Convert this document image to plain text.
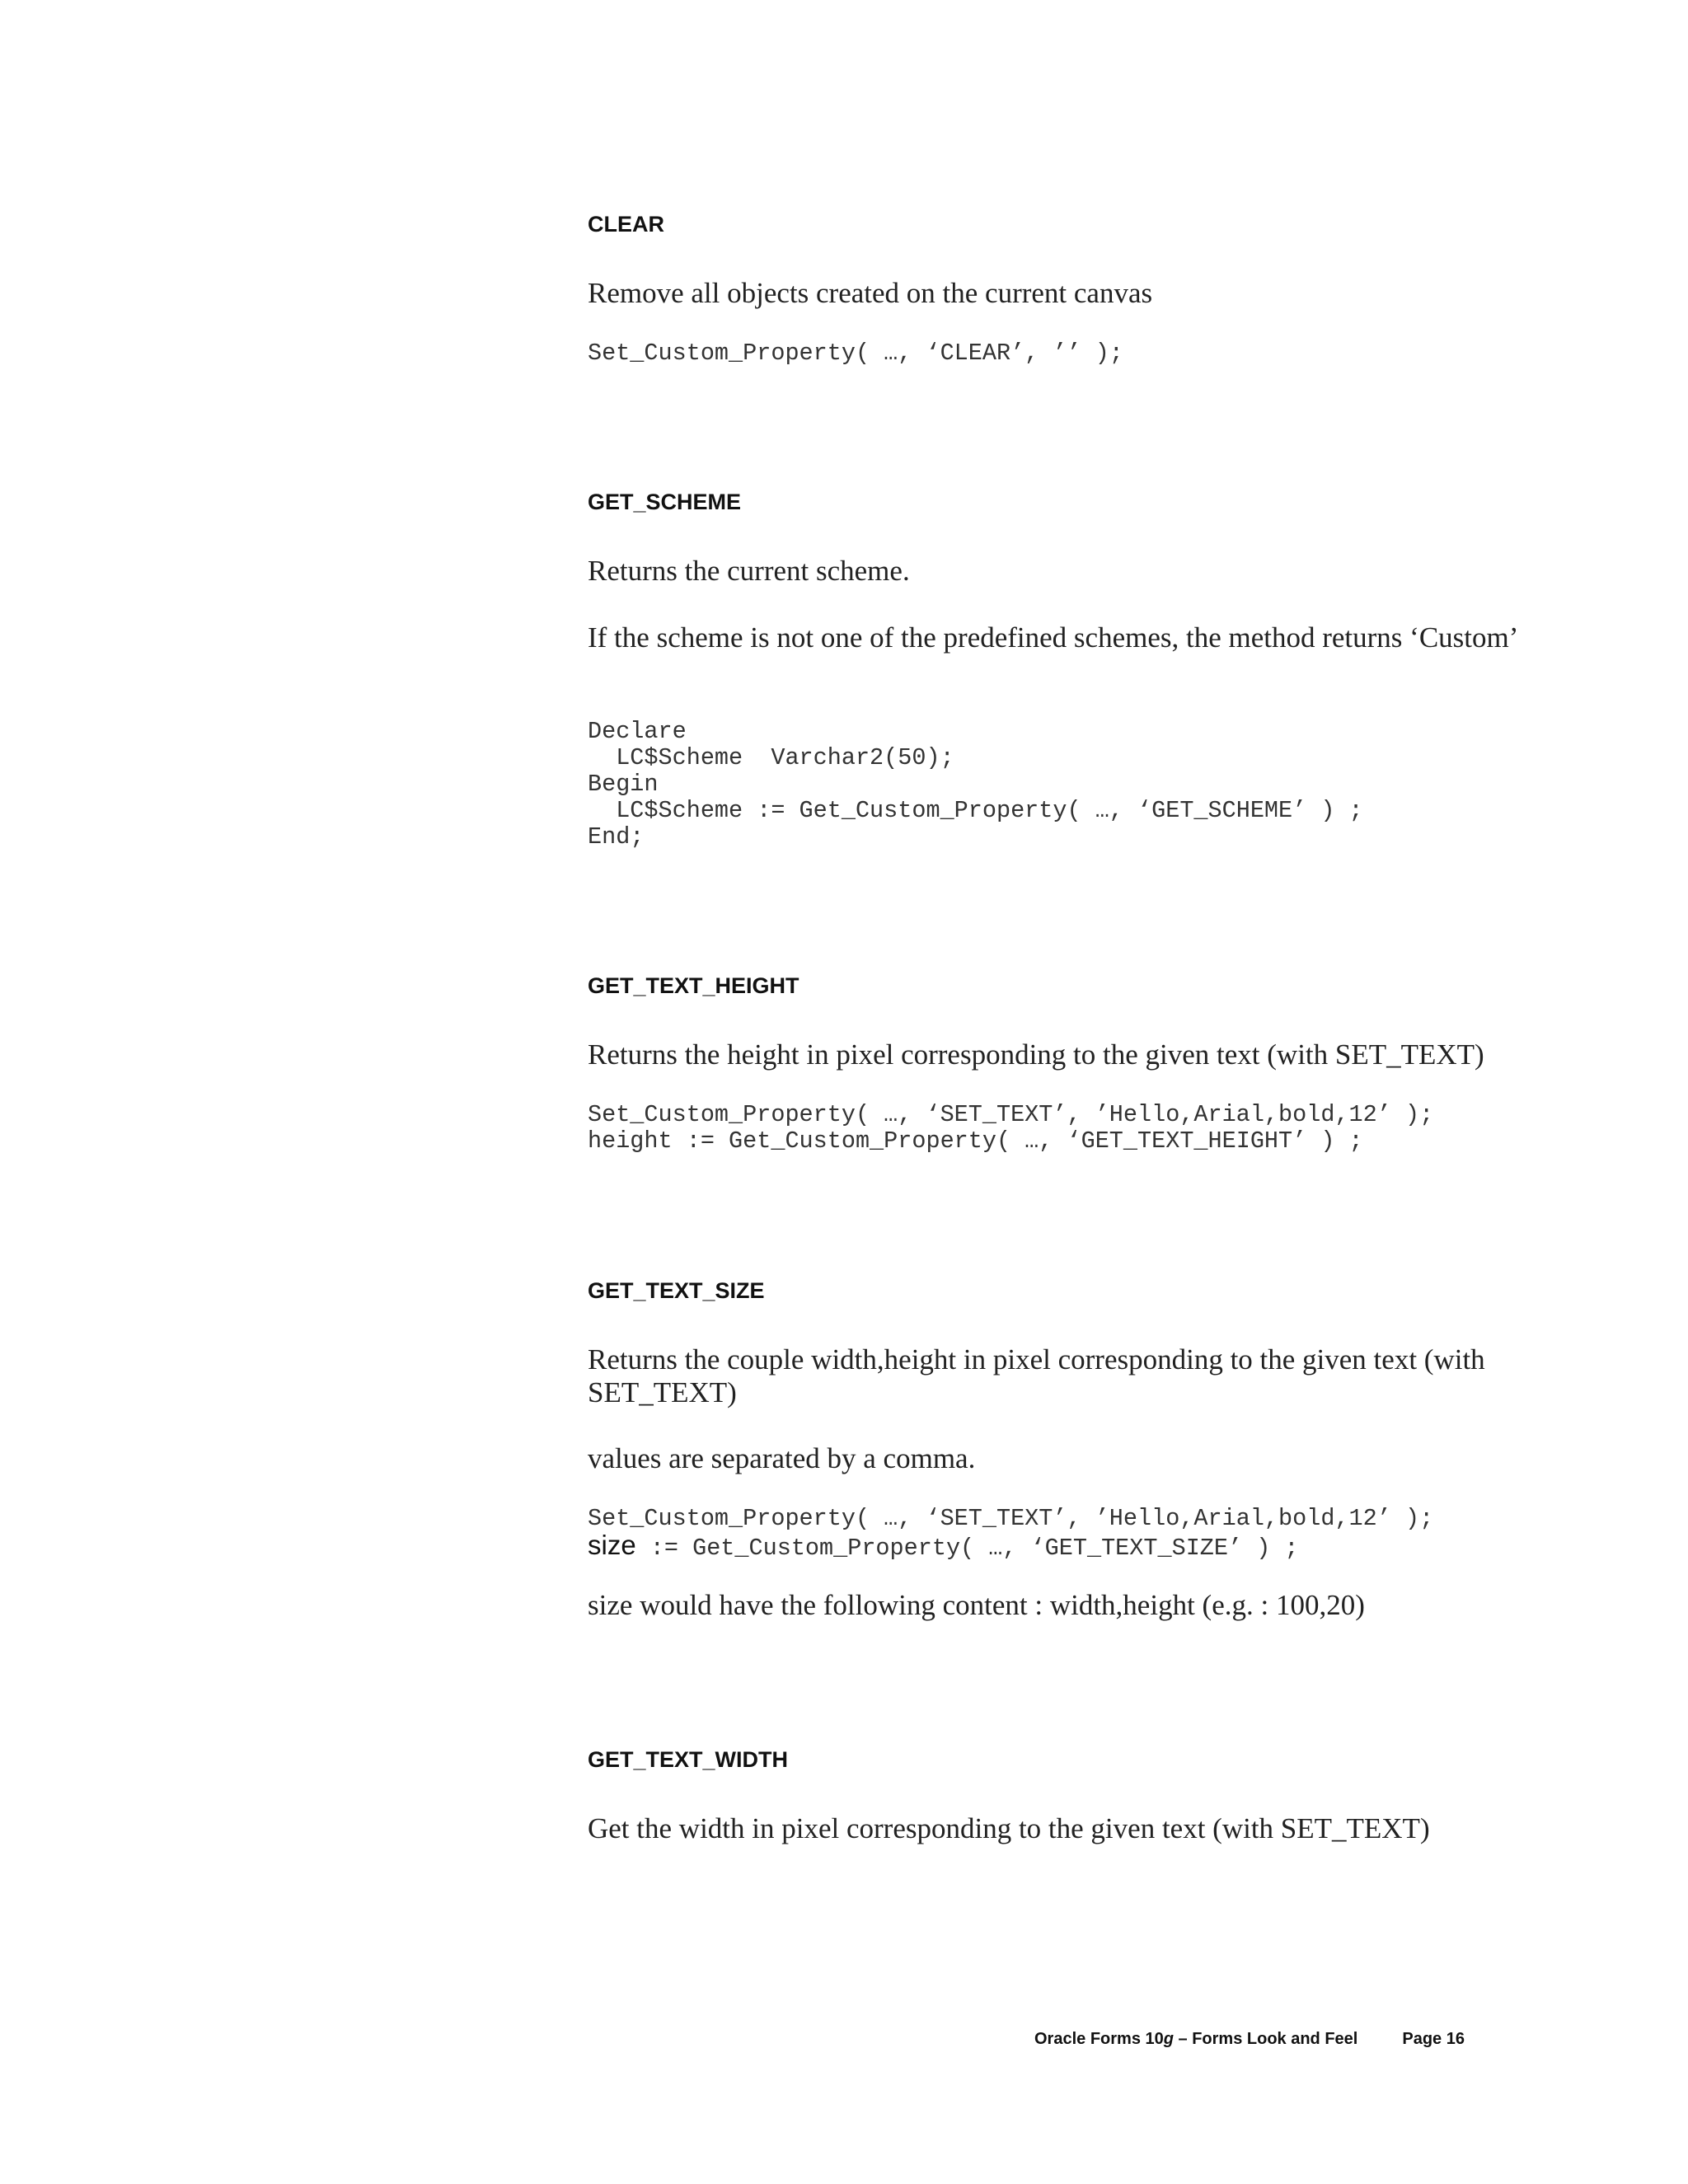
CLEAR

Remove all objects created on the current canvas

Set_Custom_Property( …, ‘CLEAR’, ’’ );
GET_SCHEME

Returns the current scheme.

If the scheme is not one of the predefined schemes, the method returns ‘Custom’

Declare
LC$Scheme  Varchar2(50);
Begin
LC$Scheme := Get_Custom_Property( …, ‘GET_SCHEME’ ) ;
End;
GET_TEXT_HEIGHT

Returns the height in pixel corresponding to the given text (with SET_TEXT)

Set_Custom_Property( …, ‘SET_TEXT’, ’Hello,Arial,bold,12’ );
height := Get_Custom_Property( …, ‘GET_TEXT_HEIGHT’ ) ;
GET_TEXT_SIZE

Returns the couple width,height in pixel corresponding to the given text (with SET_TEXT)

values are separated by a comma.

Set_Custom_Property( …, ‘SET_TEXT’, ’Hello,Arial,bold,12’ );
size := Get_Custom_Property( …, ‘GET_TEXT_SIZE’ ) ;

size would have the following content : width,height (e.g. : 100,20)

GET_TEXT_WIDTH

Get the width in pixel corresponding to the given text (with SET_TEXT)

Oracle Forms 10g – Forms Look and Feel	Page 16
